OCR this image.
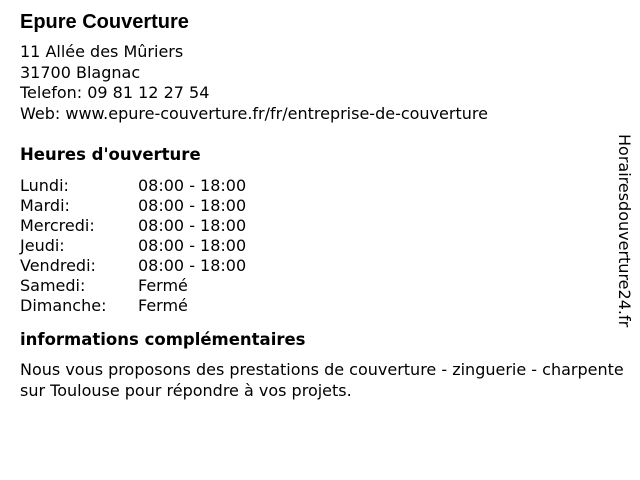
Epure Couverture
11 Allée des Mûriers
31700 Blagnac
Telefon: 09 81 12 27 54
Web: www.epure-couverture.fr/fr/entreprise-de-couverture
Heures d'ouverture
Lundi:	08:00 - 18:00
Mardi:	08:00 - 18:00
Mercredi:	08:00 - 18:00
Jeudi:	08:00 - 18:00
Vendredi:	08:00 - 18:00
Samedi:	Fermé
Dimanche:	Fermé
informations complémentaires
Nous vous proposons des prestations de couverture - zinguerie - charpente sur Toulouse pour répondre à vos projets.
Horairesdouverture24.fr
